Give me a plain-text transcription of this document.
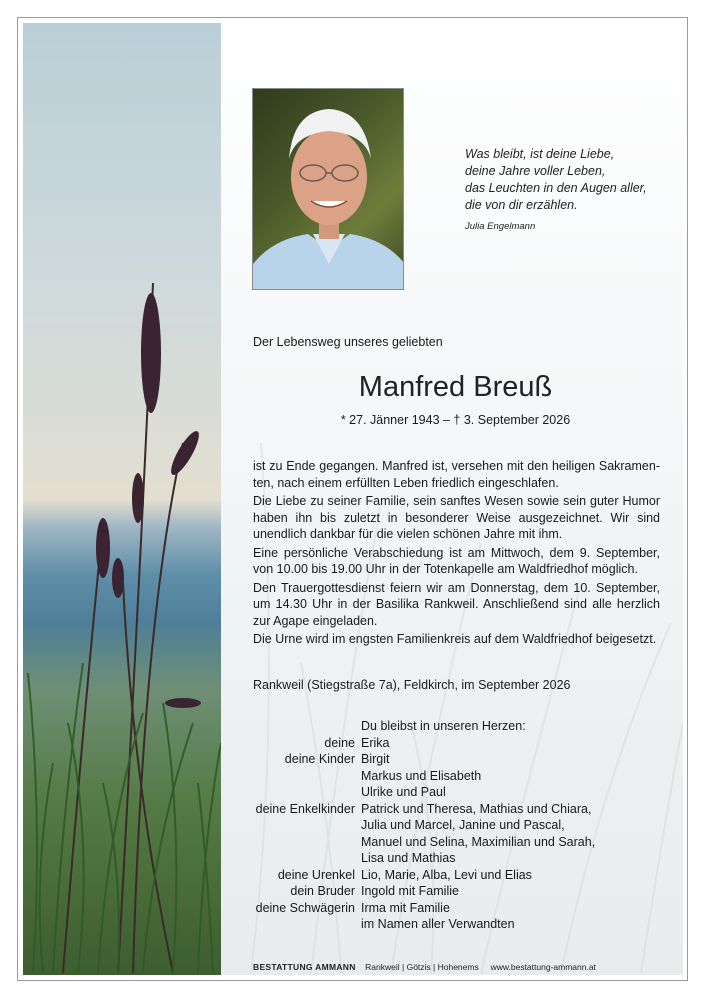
Was bleibt, ist deine Liebe,
deine Jahre voller Leben,
das Leuchten in den Augen aller,
die von dir erzählen.
Julia Engelmann
Der Lebensweg unseres geliebten
Manfred Breuß
* 27. Jänner 1943 – † 3. September 2026

ist zu Ende gegangen. Manfred ist, versehen mit den heiligen Sakramen-ten, nach einem erfüllten Leben friedlich eingeschlafen.

Die Liebe zu seiner Familie, sein sanftes Wesen sowie sein guter Humor haben ihn bis zuletzt in besonderer Weise ausgezeichnet. Wir sind unendlich dankbar für die vielen schönen Jahre mit ihm.

Eine persönliche Verabschiedung ist am Mittwoch, dem 9. September, von 10.00 bis 19.00 Uhr in der Totenkapelle am Waldfriedhof möglich.

Den Trauergottesdienst feiern wir am Donnerstag, dem 10. September, um 14.30 Uhr in der Basilika Rankweil. Anschließend sind alle herzlich zur Agape eingeladen.

Die Urne wird im engsten Familienkreis auf dem Waldfriedhof beigesetzt.

Rankweil (Stiegstraße 7a), Feldkirch, im September 2026
Du bleibst in unseren Herzen:
deine Erika
deine Kinder Birgit
Markus und Elisabeth
Ulrike und Paul
deine Enkelkinder Patrick und Theresa, Mathias und Chiara,
Julia und Marcel, Janine und Pascal,
Manuel und Selina, Maximilian und Sarah,
Lisa und Mathias
deine Urenkel Lio, Marie, Alba, Levi und Elias
dein Bruder Ingold mit Familie
deine Schwägerin Irma mit Familie
im Namen aller Verwandten
BESTATTUNG AMMANN Rankweil | Götzis | Hohenems www.bestattung-ammann.at
